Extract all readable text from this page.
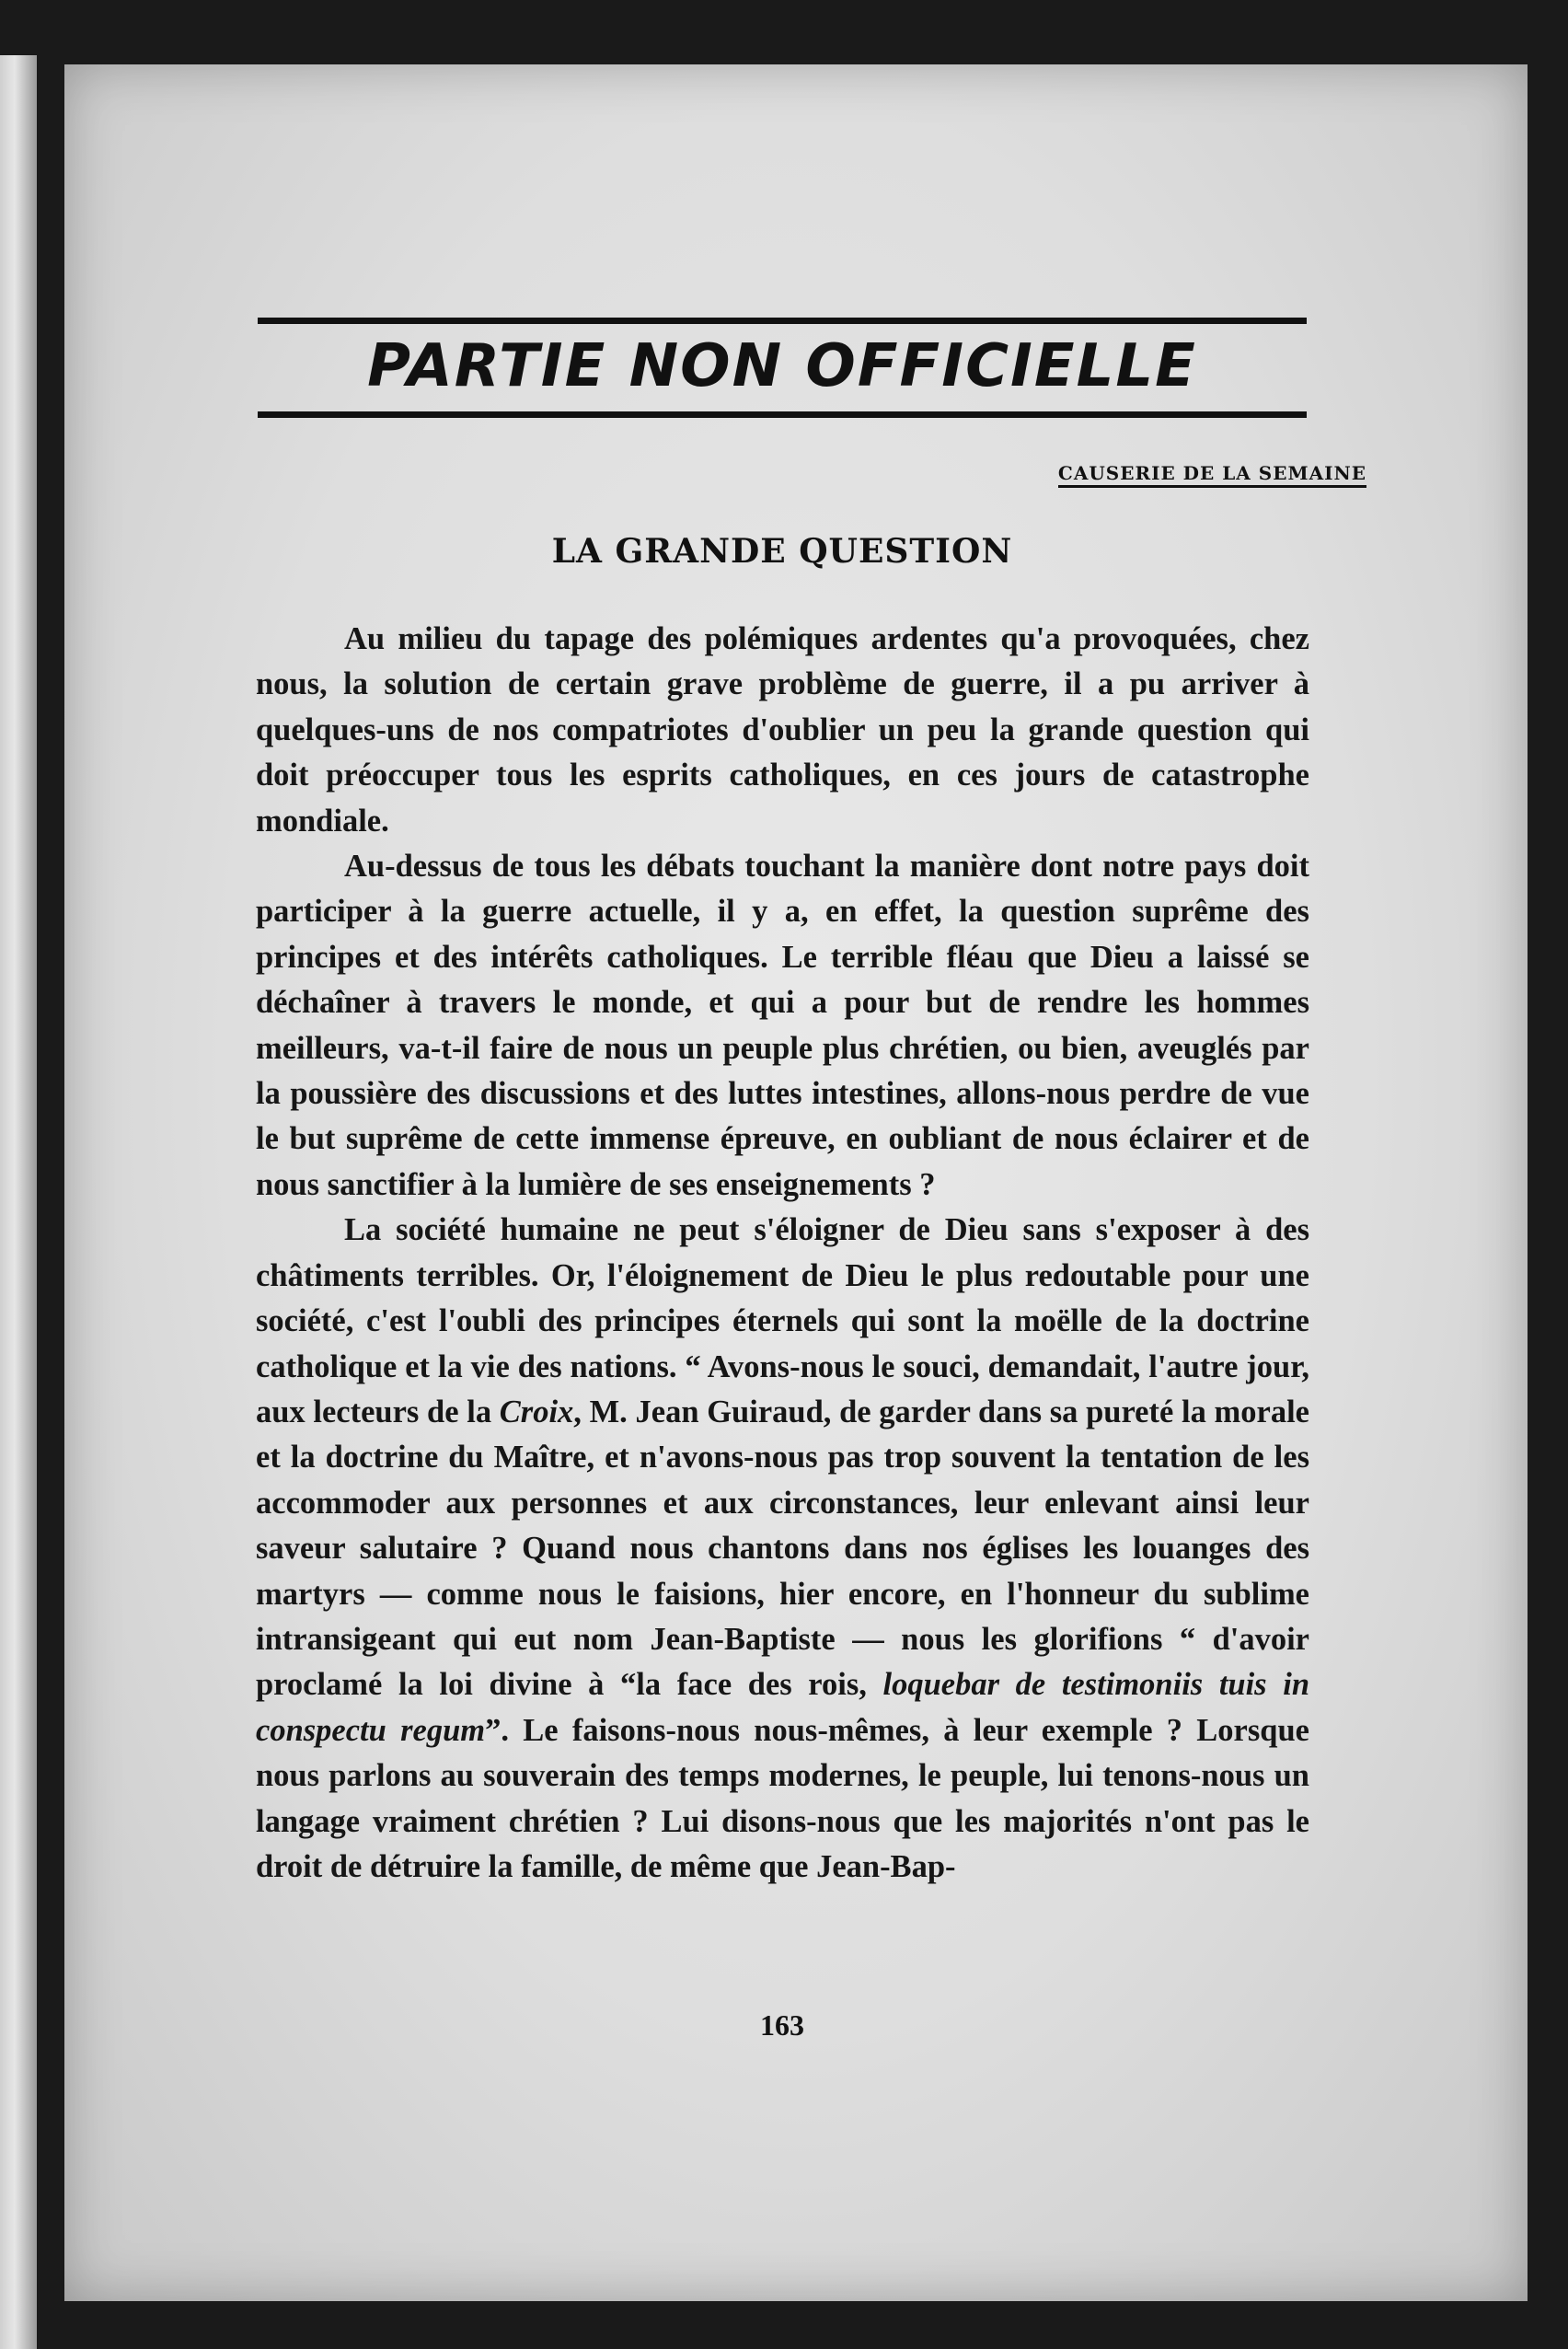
PARTIE NON OFFICIELLE
CAUSERIE DE LA SEMAINE
LA GRANDE QUESTION

Au milieu du tapage des polémiques ardentes qu'a provoquées, chez nous, la solution de certain grave problème de guerre, il a pu arriver à quelques-uns de nos compatriotes d'oublier un peu la grande question qui doit préoccuper tous les esprits catholiques, en ces jours de catastrophe mondiale.

Au-dessus de tous les débats touchant la manière dont notre pays doit participer à la guerre actuelle, il y a, en effet, la question suprême des principes et des intérêts catholiques. Le terrible fléau que Dieu a laissé se déchaîner à travers le monde, et qui a pour but de rendre les hommes meilleurs, va-t-il faire de nous un peuple plus chrétien, ou bien, aveuglés par la poussière des discussions et des luttes intestines, allons-nous perdre de vue le but suprême de cette immense épreuve, en oubliant de nous éclairer et de nous sanctifier à la lumière de ses enseignements ?

La société humaine ne peut s'éloigner de Dieu sans s'exposer à des châtiments terribles. Or, l'éloignement de Dieu le plus redoutable pour une société, c'est l'oubli des principes éternels qui sont la moëlle de la doctrine catholique et la vie des nations. “ Avons-nous le souci, demandait, l'autre jour, aux lecteurs de la Croix, M. Jean Guiraud, de garder dans sa pureté la morale et la doctrine du Maître, et n'avons-nous pas trop souvent la tentation de les accommoder aux personnes et aux circonstances, leur enlevant ainsi leur saveur salutaire ? Quand nous chantons dans nos églises les louanges des martyrs — comme nous le faisions, hier encore, en l'honneur du sublime intransigeant qui eut nom Jean-Baptiste — nous les glorifions “ d'avoir proclamé la loi divine à “la face des rois, loquebar de testimoniis tuis in conspectu regum”. Le faisons-nous nous-mêmes, à leur exemple ? Lorsque nous parlons au souverain des temps modernes, le peuple, lui tenons-nous un langage vraiment chrétien ? Lui disons-nous que les majorités n'ont pas le droit de détruire la famille, de même que Jean-Bap-

163
